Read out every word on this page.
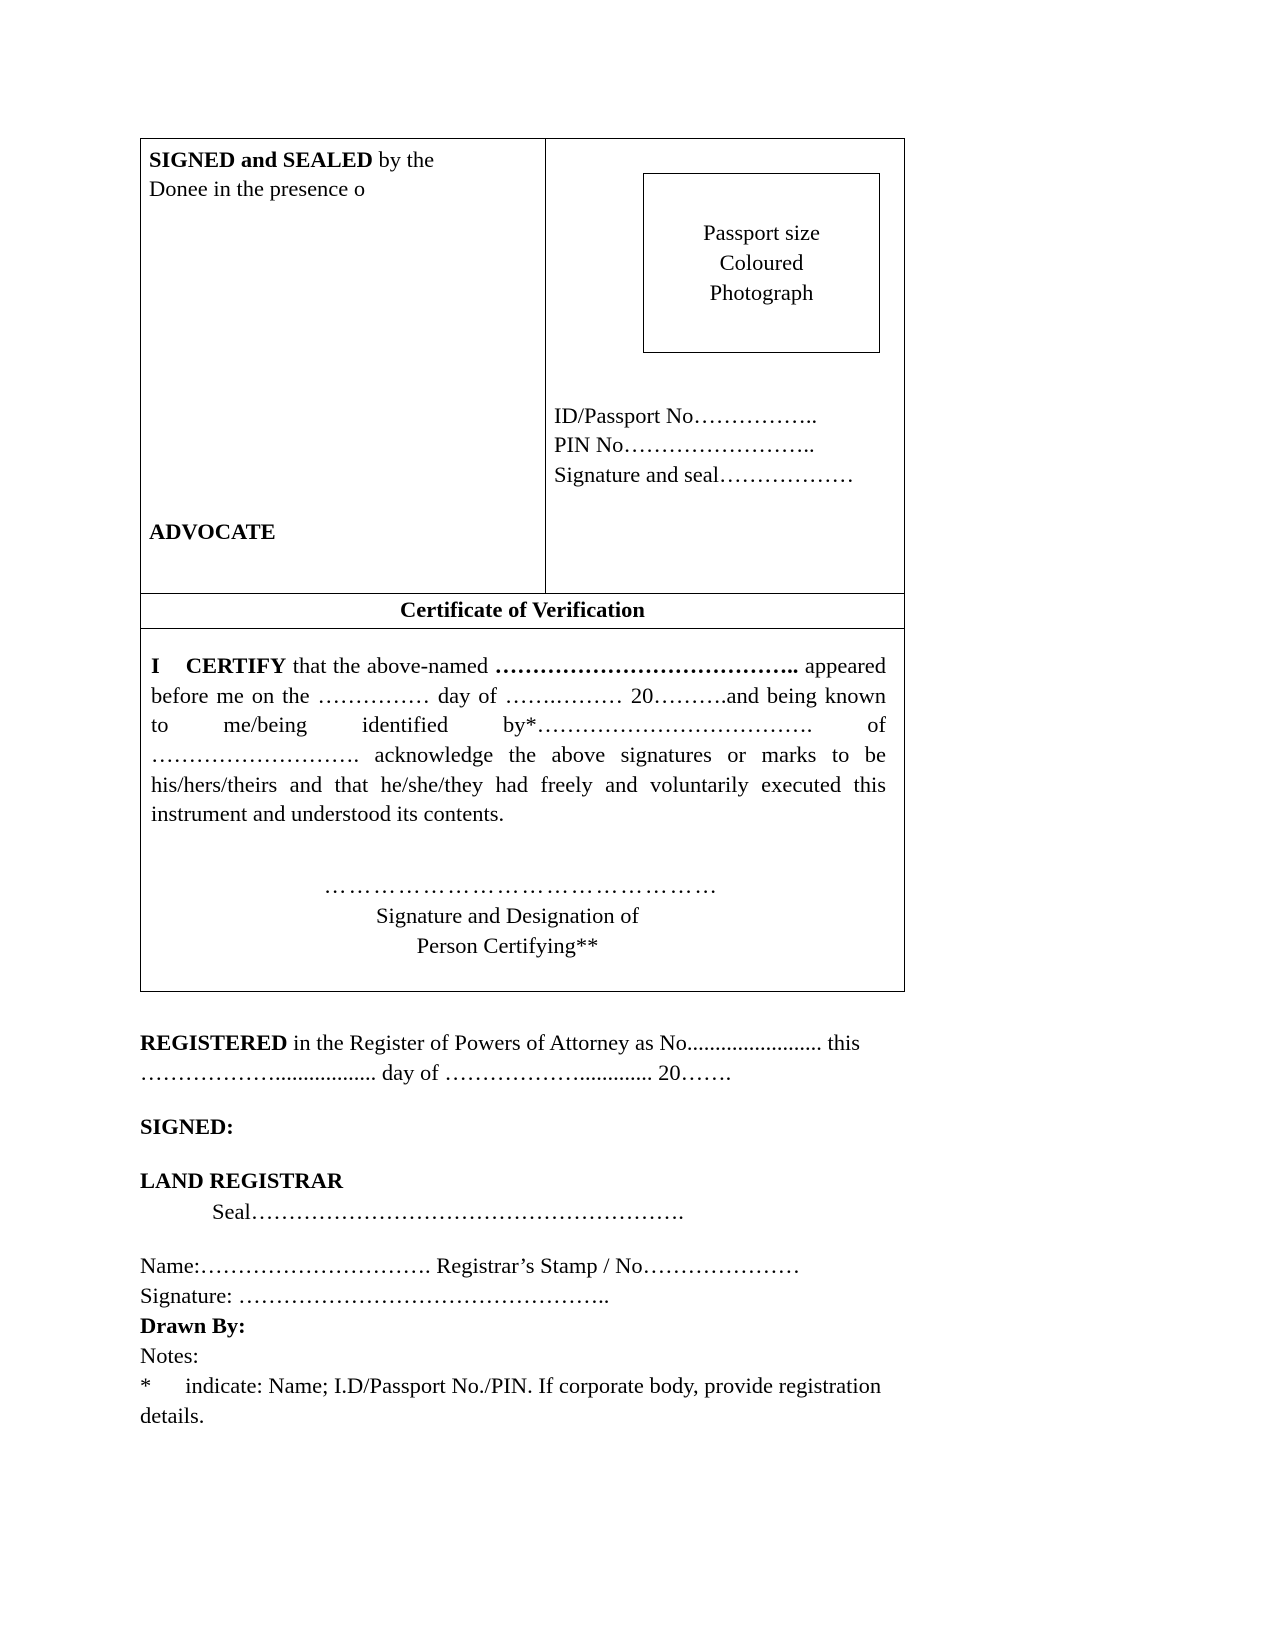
SIGNED and SEALED by the
Donee in the presence o
ADVOCATE

Passport size
Coloured
Photograph
ID/Passport No……………..
PIN No……………………..
Signature and seal………………

Certificate of Verification

I CERTIFY that the above-named ………………………………….. appeared before me on the …………… day of …….……… 20……….and being known to me/being identified by*………………………………. of ………………………. acknowledge the above signatures or marks to be his/hers/theirs and that he/she/they had freely and voluntarily executed this instrument and understood its contents.

…………………………………………
Signature and Designation of
Person Certifying**

REGISTERED in the Register of Powers of Attorney as No........................ this

……………….................. day of ………………............. 20…….

SIGNED:

LAND REGISTRAR

Seal………………………………………………….

Name:…………………………. Registrar’s Stamp / No…………………

Signature: …………………………………………..

Drawn By:

Notes:

* indicate: Name; I.D/Passport No./PIN. If corporate body, provide registration details.
